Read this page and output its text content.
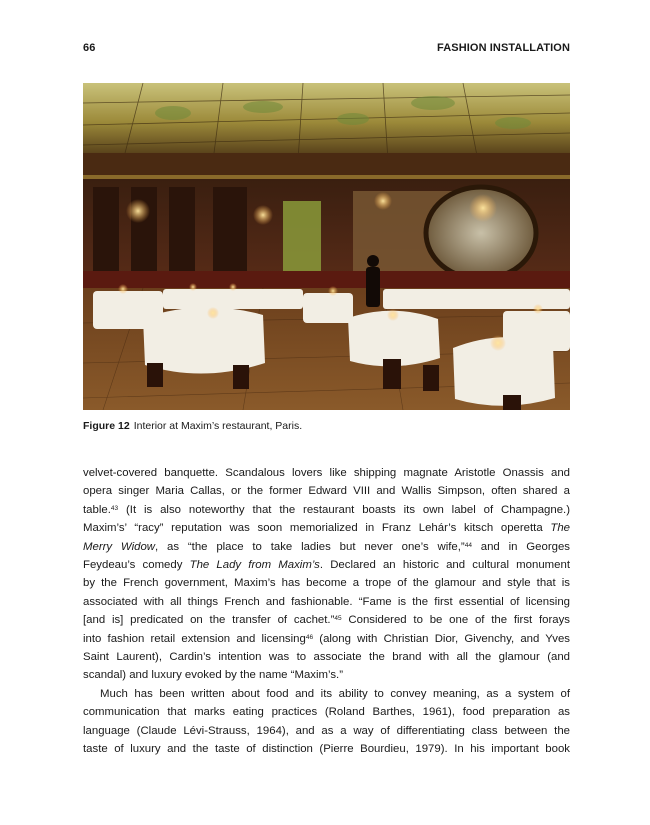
66	FASHION INSTALLATION
Figure 12 Interior at Maxim’s restaurant, Paris.
velvet-covered banquette. Scandalous lovers like shipping magnate Aristotle Onassis and
opera singer Maria Callas, or the former Edward VIII and Wallis Simpson, often shared a
table.$^{43}$ (It is also noteworthy that the restaurant boasts its own label of Champagne.)
Maxim’s’ “racy” reputation was soon memorialized in Franz Lehár’s kitsch operetta The
Merry Widow, as “the place to take ladies but never one’s wife,”$^{44}$ and in Georges
Feydeau’s comedy The Lady from Maxim’s. Declared an historic and cultural monument
by the French government, Maxim’s has become a trope of the glamour and style that is
associated with all things French and fashionable. “Fame is the first essential of licensing
[and is] predicated on the transfer of cachet.”$^{45}$ Considered to be one of the first forays
into fashion retail extension and licensing$^{46}$ (along with Christian Dior, Givenchy, and Yves
Saint Laurent), Cardin’s intention was to associate the brand with all the glamour (and
scandal) and luxury evoked by the name “Maxim’s.”
Much has been written about food and its ability to convey meaning, as a system of
communication that marks eating practices (Roland Barthes, 1961), food preparation as
language (Claude Lévi-Strauss, 1964), and as a way of differentiating class between the
taste of luxury and the taste of distinction (Pierre Bourdieu, 1979). In his important book
